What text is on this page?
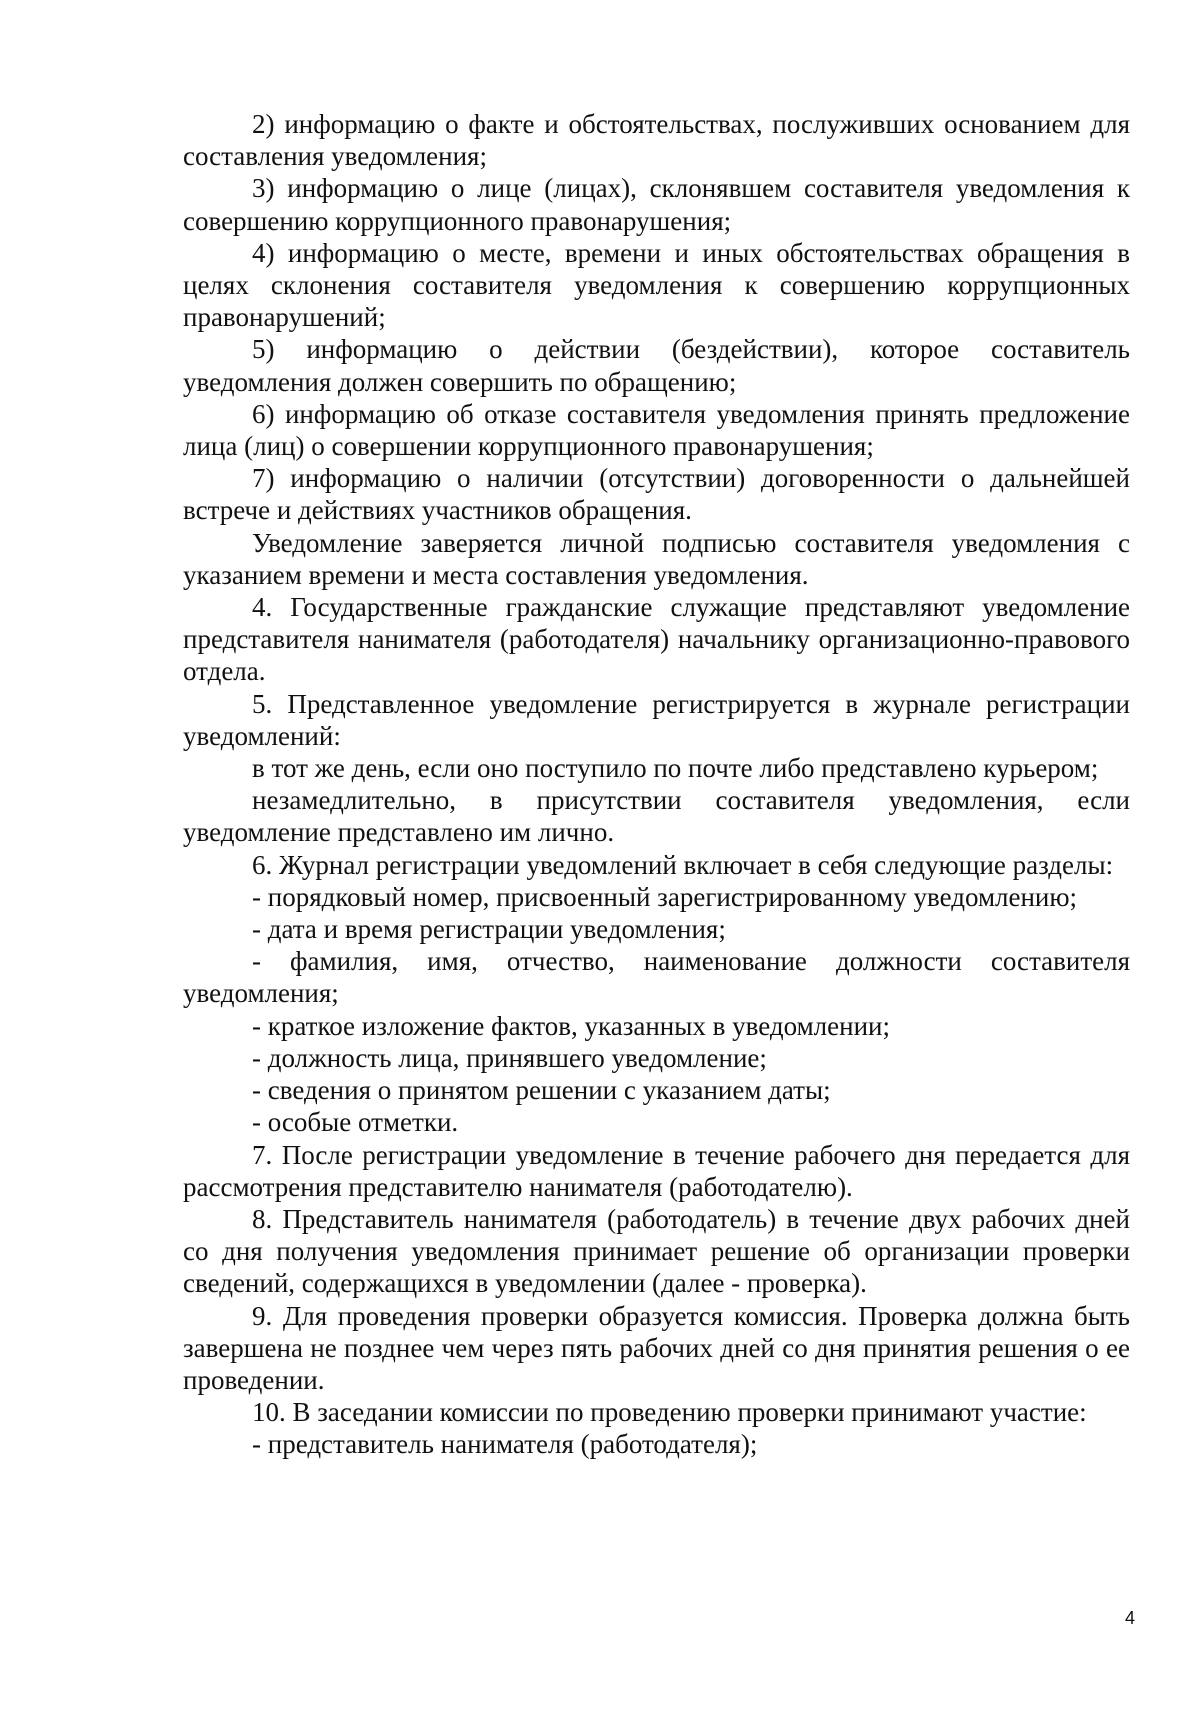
2) информацию о факте и обстоятельствах, послуживших основанием для составления уведомления;

3) информацию о лице (лицах), склонявшем составителя уведомления к совершению коррупционного правонарушения;

4) информацию о месте, времени и иных обстоятельствах обращения в целях склонения составителя уведомления к совершению коррупционных правонарушений;

5) информацию о действии (бездействии), которое составитель уведомления должен совершить по обращению;

6) информацию об отказе составителя уведомления принять предложение лица (лиц) о совершении коррупционного правонарушения;

7) информацию о наличии (отсутствии) договоренности о дальнейшей встрече и действиях участников обращения.

Уведомление заверяется личной подписью составителя уведомления с указанием времени и места составления уведомления.

4. Государственные гражданские служащие представляют уведомление представителя нанимателя (работодателя) начальнику организационно-правового отдела.

5. Представленное уведомление регистрируется в журнале регистрации уведомлений:

в тот же день, если оно поступило по почте либо представлено курьером;

незамедлительно, в присутствии составителя уведомления, если уведомление представлено им лично.

6. Журнал регистрации уведомлений включает в себя следующие разделы:

- порядковый номер, присвоенный зарегистрированному уведомлению;

- дата и время регистрации уведомления;

- фамилия, имя, отчество, наименование должности составителя уведомления;

- краткое изложение фактов, указанных в уведомлении;

- должность лица, принявшего уведомление;

- сведения о принятом решении с указанием даты;

- особые отметки.

7. После регистрации уведомление в течение рабочего дня передается для рассмотрения представителю нанимателя (работодателю).

8. Представитель нанимателя (работодатель) в течение двух рабочих дней со дня получения уведомления принимает решение об организации проверки сведений, содержащихся в уведомлении (далее - проверка).

9. Для проведения проверки образуется комиссия. Проверка должна быть завершена не позднее чем через пять рабочих дней со дня принятия решения о ее проведении.

10. В заседании комиссии по проведению проверки принимают участие:

- представитель нанимателя (работодателя);

4
